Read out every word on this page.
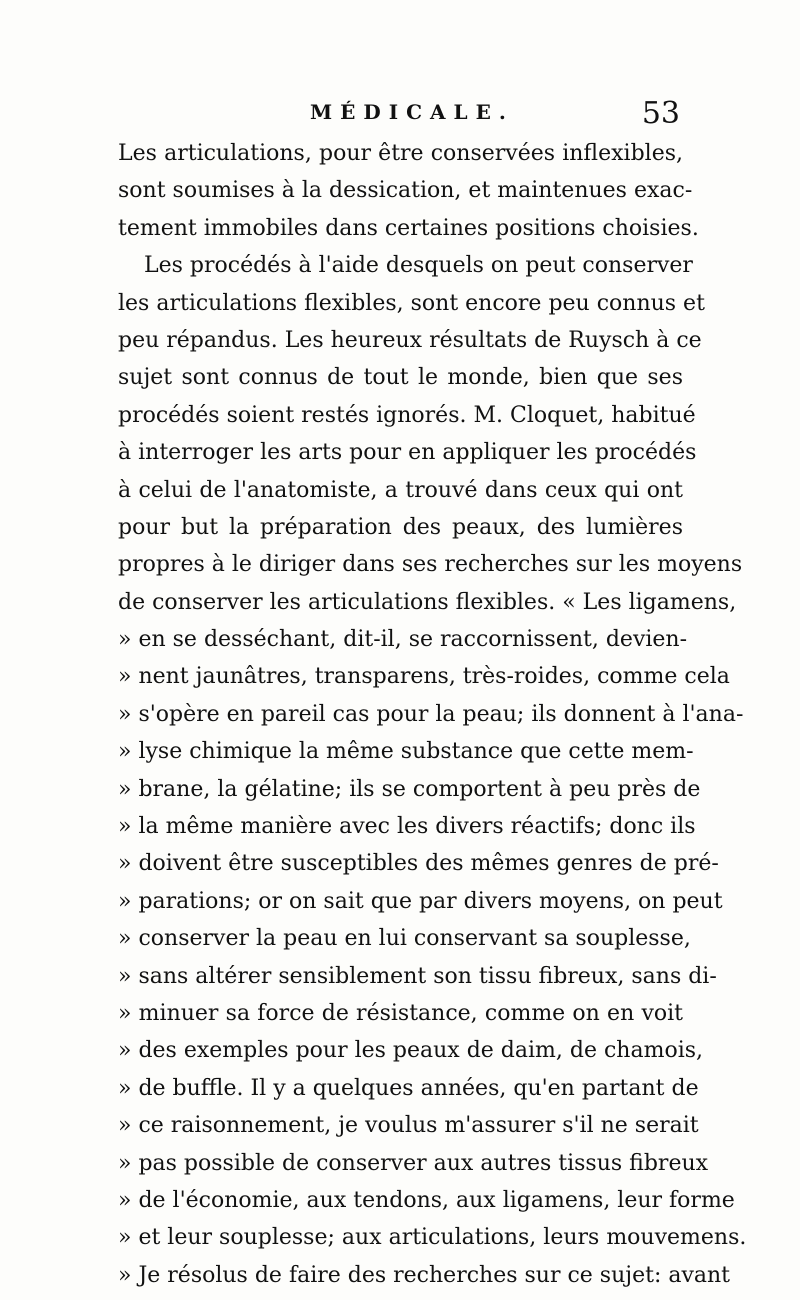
MÉDICALE.	53
Les articulations, pour être conservées inflexibles,
sont soumises à la dessication, et maintenues exac-
tement immobiles dans certaines positions choisies.
Les procédés à l'aide desquels on peut conserver
les articulations flexibles, sont encore peu connus et
peu répandus. Les heureux résultats de Ruysch à ce
sujet sont connus de tout le monde, bien que ses
procédés soient restés ignorés. M. Cloquet, habitué
à interroger les arts pour en appliquer les procédés
à celui de l'anatomiste, a trouvé dans ceux qui ont
pour but la préparation des peaux, des lumières
propres à le diriger dans ses recherches sur les moyens
de conserver les articulations flexibles. « Les ligamens,
» en se desséchant, dit-il, se raccornissent, devien-
» nent jaunâtres, transparens, très-roides, comme cela
» s'opère en pareil cas pour la peau; ils donnent à l'ana-
» lyse chimique la même substance que cette mem-
» brane, la gélatine; ils se comportent à peu près de
» la même manière avec les divers réactifs; donc ils
» doivent être susceptibles des mêmes genres de pré-
» parations; or on sait que par divers moyens, on peut
» conserver la peau en lui conservant sa souplesse,
» sans altérer sensiblement son tissu fibreux, sans di-
» minuer sa force de résistance, comme on en voit
» des exemples pour les peaux de daim, de chamois,
» de buffle. Il y a quelques années, qu'en partant de
» ce raisonnement, je voulus m'assurer s'il ne serait
» pas possible de conserver aux autres tissus fibreux
» de l'économie, aux tendons, aux ligamens, leur forme
» et leur souplesse; aux articulations, leurs mouvemens.
» Je résolus de faire des recherches sur ce sujet: avant
